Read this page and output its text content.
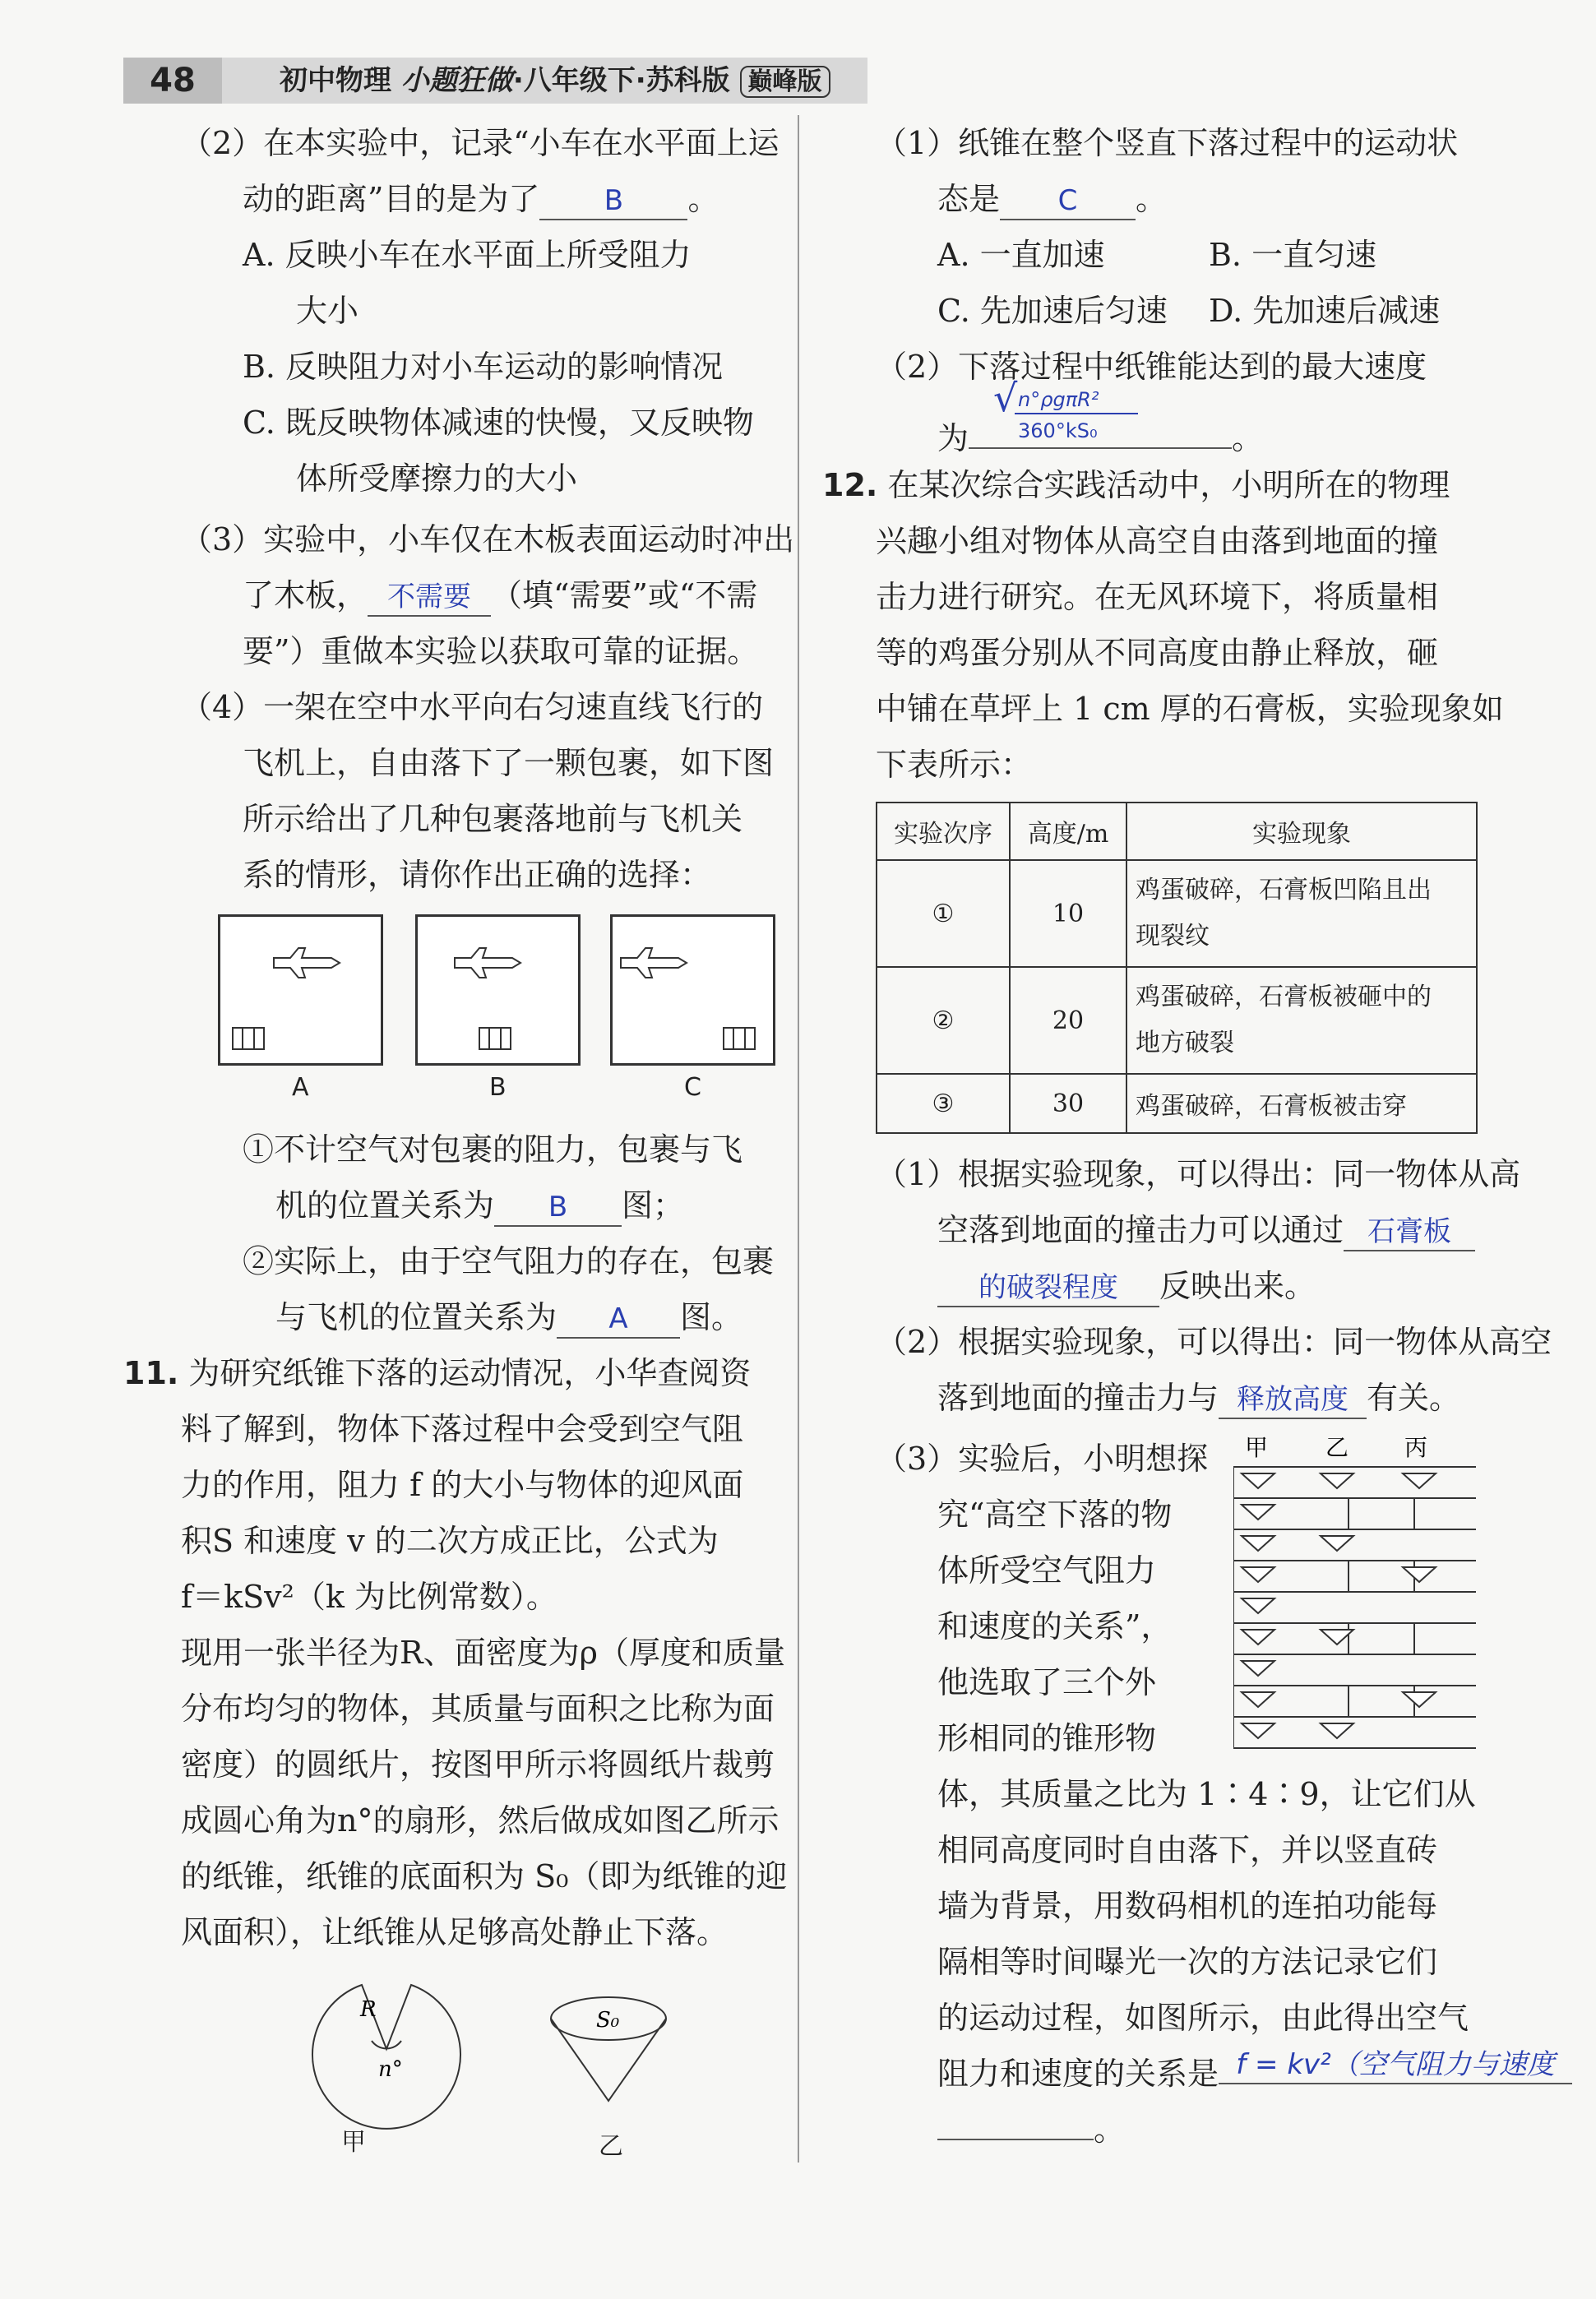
48	初中物理 小题狂做·八年级下·苏科版 巅峰版
（2）在本实验中，记录“小车在水平面上运
动的距离”目的是为了 B 。
A. 反映小车在水平面上所受阻力
大小
B. 反映阻力对小车运动的影响情况
C. 既反映物体减速的快慢，又反映物
体所受摩擦力的大小
（3）实验中，小车仅在木板表面运动时冲出
了木板， 不需要 （填“需要”或“不需
要”）重做本实验以获取可靠的证据。
（4）一架在空中水平向右匀速直线飞行的
飞机上，自由落下了一颗包裹，如下图
所示给出了几种包裹落地前与飞机关
系的情形，请你作出正确的选择：
A	B	C
①不计空气对包裹的阻力，包裹与飞
机的位置关系为 B 图；
②实际上，由于空气阻力的存在，包裹
与飞机的位置关系为 A 图。
11. 为研究纸锥下落的运动情况，小华查阅资
料了解到，物体下落过程中会受到空气阻
力的作用，阻力 f 的大小与物体的迎风面
积S 和速度 v 的二次方成正比，公式为
f＝kSv²（k 为比例常数）。
现用一张半径为R、面密度为ρ（厚度和质量
分布均匀的物体，其质量与面积之比称为面
密度）的圆纸片，按图甲所示将圆纸片裁剪
成圆心角为n°的扇形，然后做成如图乙所示
的纸锥，纸锥的底面积为 S₀（即为纸锥的迎
风面积），让纸锥从足够高处静止下落。
n°
R
甲
S₀
乙
（1）纸锥在整个竖直下落过程中的运动状
态是 C 。
A. 一直加速	B. 一直匀速
C. 先加速后匀速 D. 先加速后减速
（2）下落过程中纸锥能达到的最大速度
为
n°ρgπR²
360°kS₀
√
。
12. 在某次综合实践活动中，小明所在的物理
兴趣小组对物体从高空自由落到地面的撞
击力进行研究。在无风环境下，将质量相
等的鸡蛋分别从不同高度由静止释放，砸
中铺在草坪上 1 cm 厚的石膏板，实验现象如
下表所示：
实验次序	高度/m	实验现象
①	10	鸡蛋破碎，石膏板凹陷且出
现裂纹
②	20	鸡蛋破碎，石膏板被砸中的
地方破裂
③	30	鸡蛋破碎，石膏板被击穿
（1）根据实验现象，可以得出：同一物体从高
空落到地面的撞击力可以通过 石膏板
的破裂程度 反映出来。
（2）根据实验现象，可以得出：同一物体从高空
落到地面的撞击力与 释放高度 有关。
（3）实验后，小明想探
究“高空下落的物
体所受空气阻力
和速度的关系”，
他选取了三个外
形相同的锥形物
甲 乙 丙
体，其质量之比为 1∶4∶9，让它们从
相同高度同时自由落下，并以竖直砖
墙为背景，用数码相机的连拍功能每
隔相等时间曝光一次的方法记录它们
的运动过程，如图所示，由此得出空气
阻力和速度的关系是 f = kv²（空气阻力与速度
。
